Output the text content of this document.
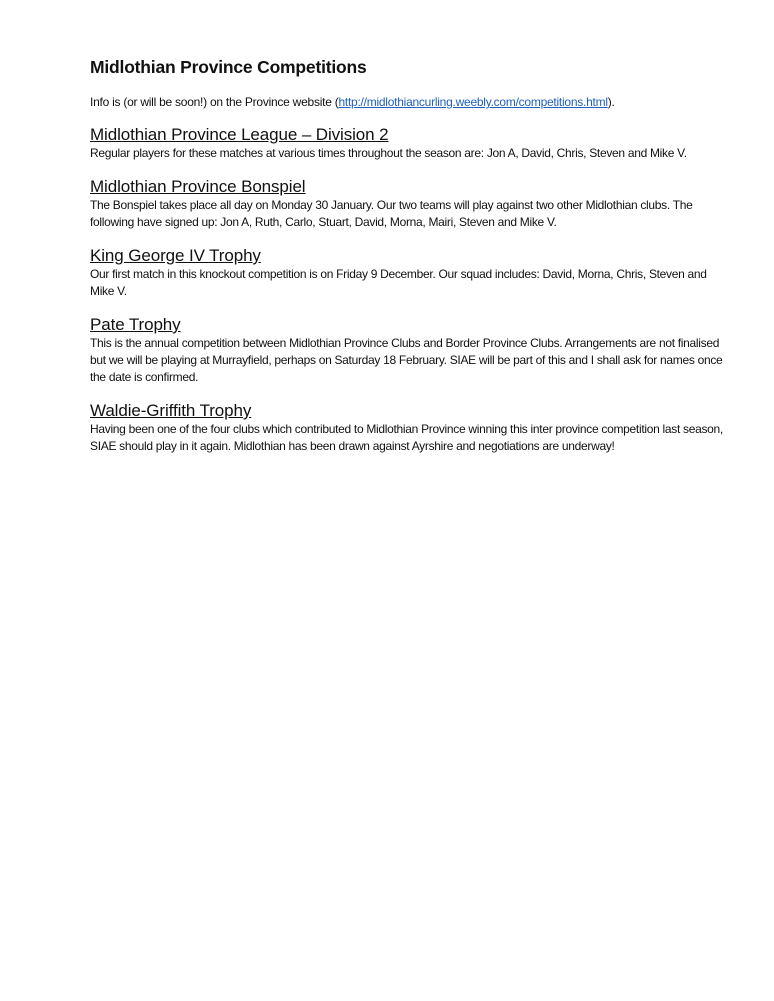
Midlothian Province Competitions

Info is (or will be soon!) on the Province website (http://midlothiancurling.weebly.com/competitions.html).

Midlothian Province League – Division 2

Regular players for these matches at various times throughout the season are: Jon A, David, Chris, Steven and Mike V.

Midlothian Province Bonspiel

The Bonspiel takes place all day on Monday 30 January. Our two teams will play against two other Midlothian clubs. The following have signed up: Jon A, Ruth, Carlo, Stuart, David, Morna, Mairi, Steven and Mike V.

King George IV Trophy

Our first match in this knockout competition is on Friday 9 December. Our squad includes: David, Morna, Chris, Steven and Mike V.

Pate Trophy

This is the annual competition between Midlothian Province Clubs and Border Province Clubs. Arrangements are not finalised but we will be playing at Murrayfield, perhaps on Saturday 18 February. SIAE will be part of this and I shall ask for names once the date is confirmed.

Waldie-Griffith Trophy

Having been one of the four clubs which contributed to Midlothian Province winning this inter province competition last season, SIAE should play in it again. Midlothian has been drawn against Ayrshire and negotiations are underway!
